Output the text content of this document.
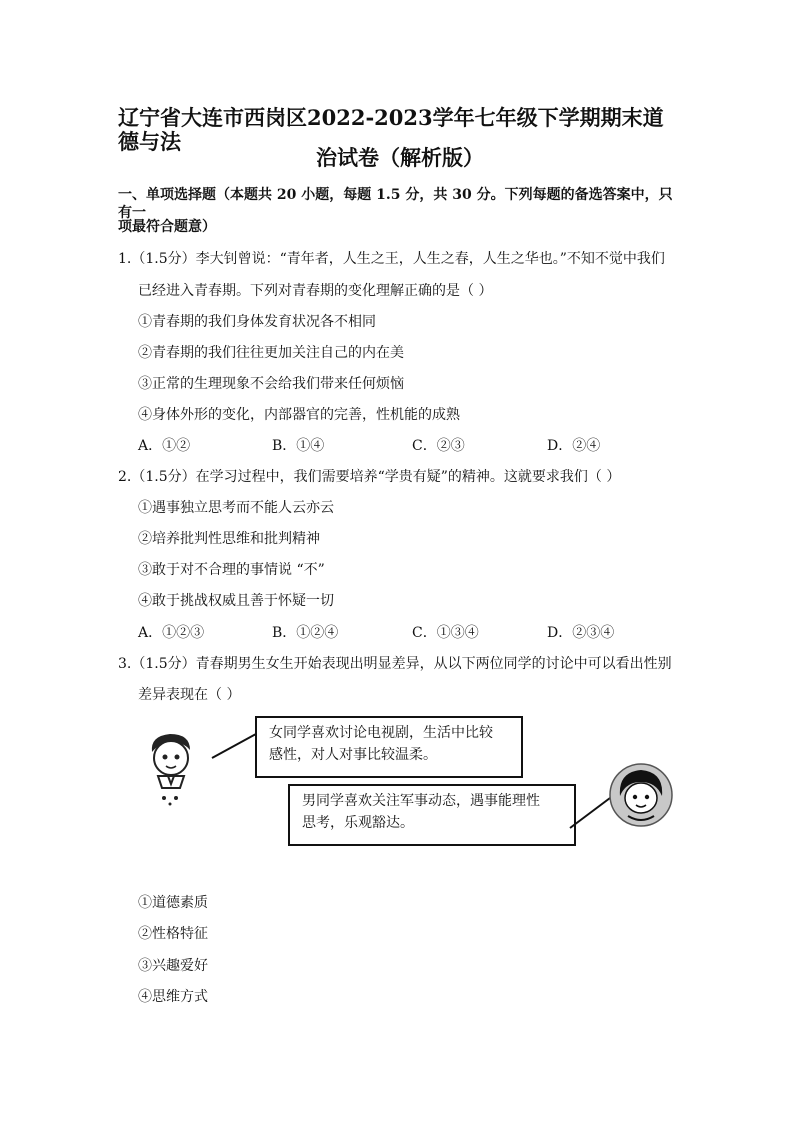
辽宁省大连市西岗区2022-2023学年七年级下学期期末道德与法
治试卷（解析版）
一、单项选择题（本题共 20 小题，每题 1.5 分，共 30 分。下列每题的备选答案中，只有一
项最符合题意）
1.（1.5分）李大钊曾说：“青年者，人生之王，人生之春，人生之华也。”不知不觉中我们
已经进入青春期。下列对青春期的变化理解正确的是（ ）
①青春期的我们身体发育状况各不相同
②青春期的我们往往更加关注自己的内在美
③正常的生理现象不会给我们带来任何烦恼
④身体外形的变化，内部器官的完善，性机能的成熟
A．①②	B．①④	C．②③	D．②④
2.（1.5分）在学习过程中，我们需要培养“学贵有疑”的精神。这就要求我们（ ）
①遇事独立思考而不能人云亦云
②培养批判性思维和批判精神
③敢于对不合理的事情说 “不”
④敢于挑战权威且善于怀疑一切
A．①②③	B．①②④	C．①③④	D．②③④
3.（1.5分）青春期男生女生开始表现出明显差异，从以下两位同学的讨论中可以看出性别
差异表现在（ ）
女同学喜欢讨论电视剧，生活中比较
感性，对人对事比较温柔。
男同学喜欢关注军事动态，遇事能理性
思考，乐观豁达。
①道德素质
②性格特征
③兴趣爱好
④思维方式
